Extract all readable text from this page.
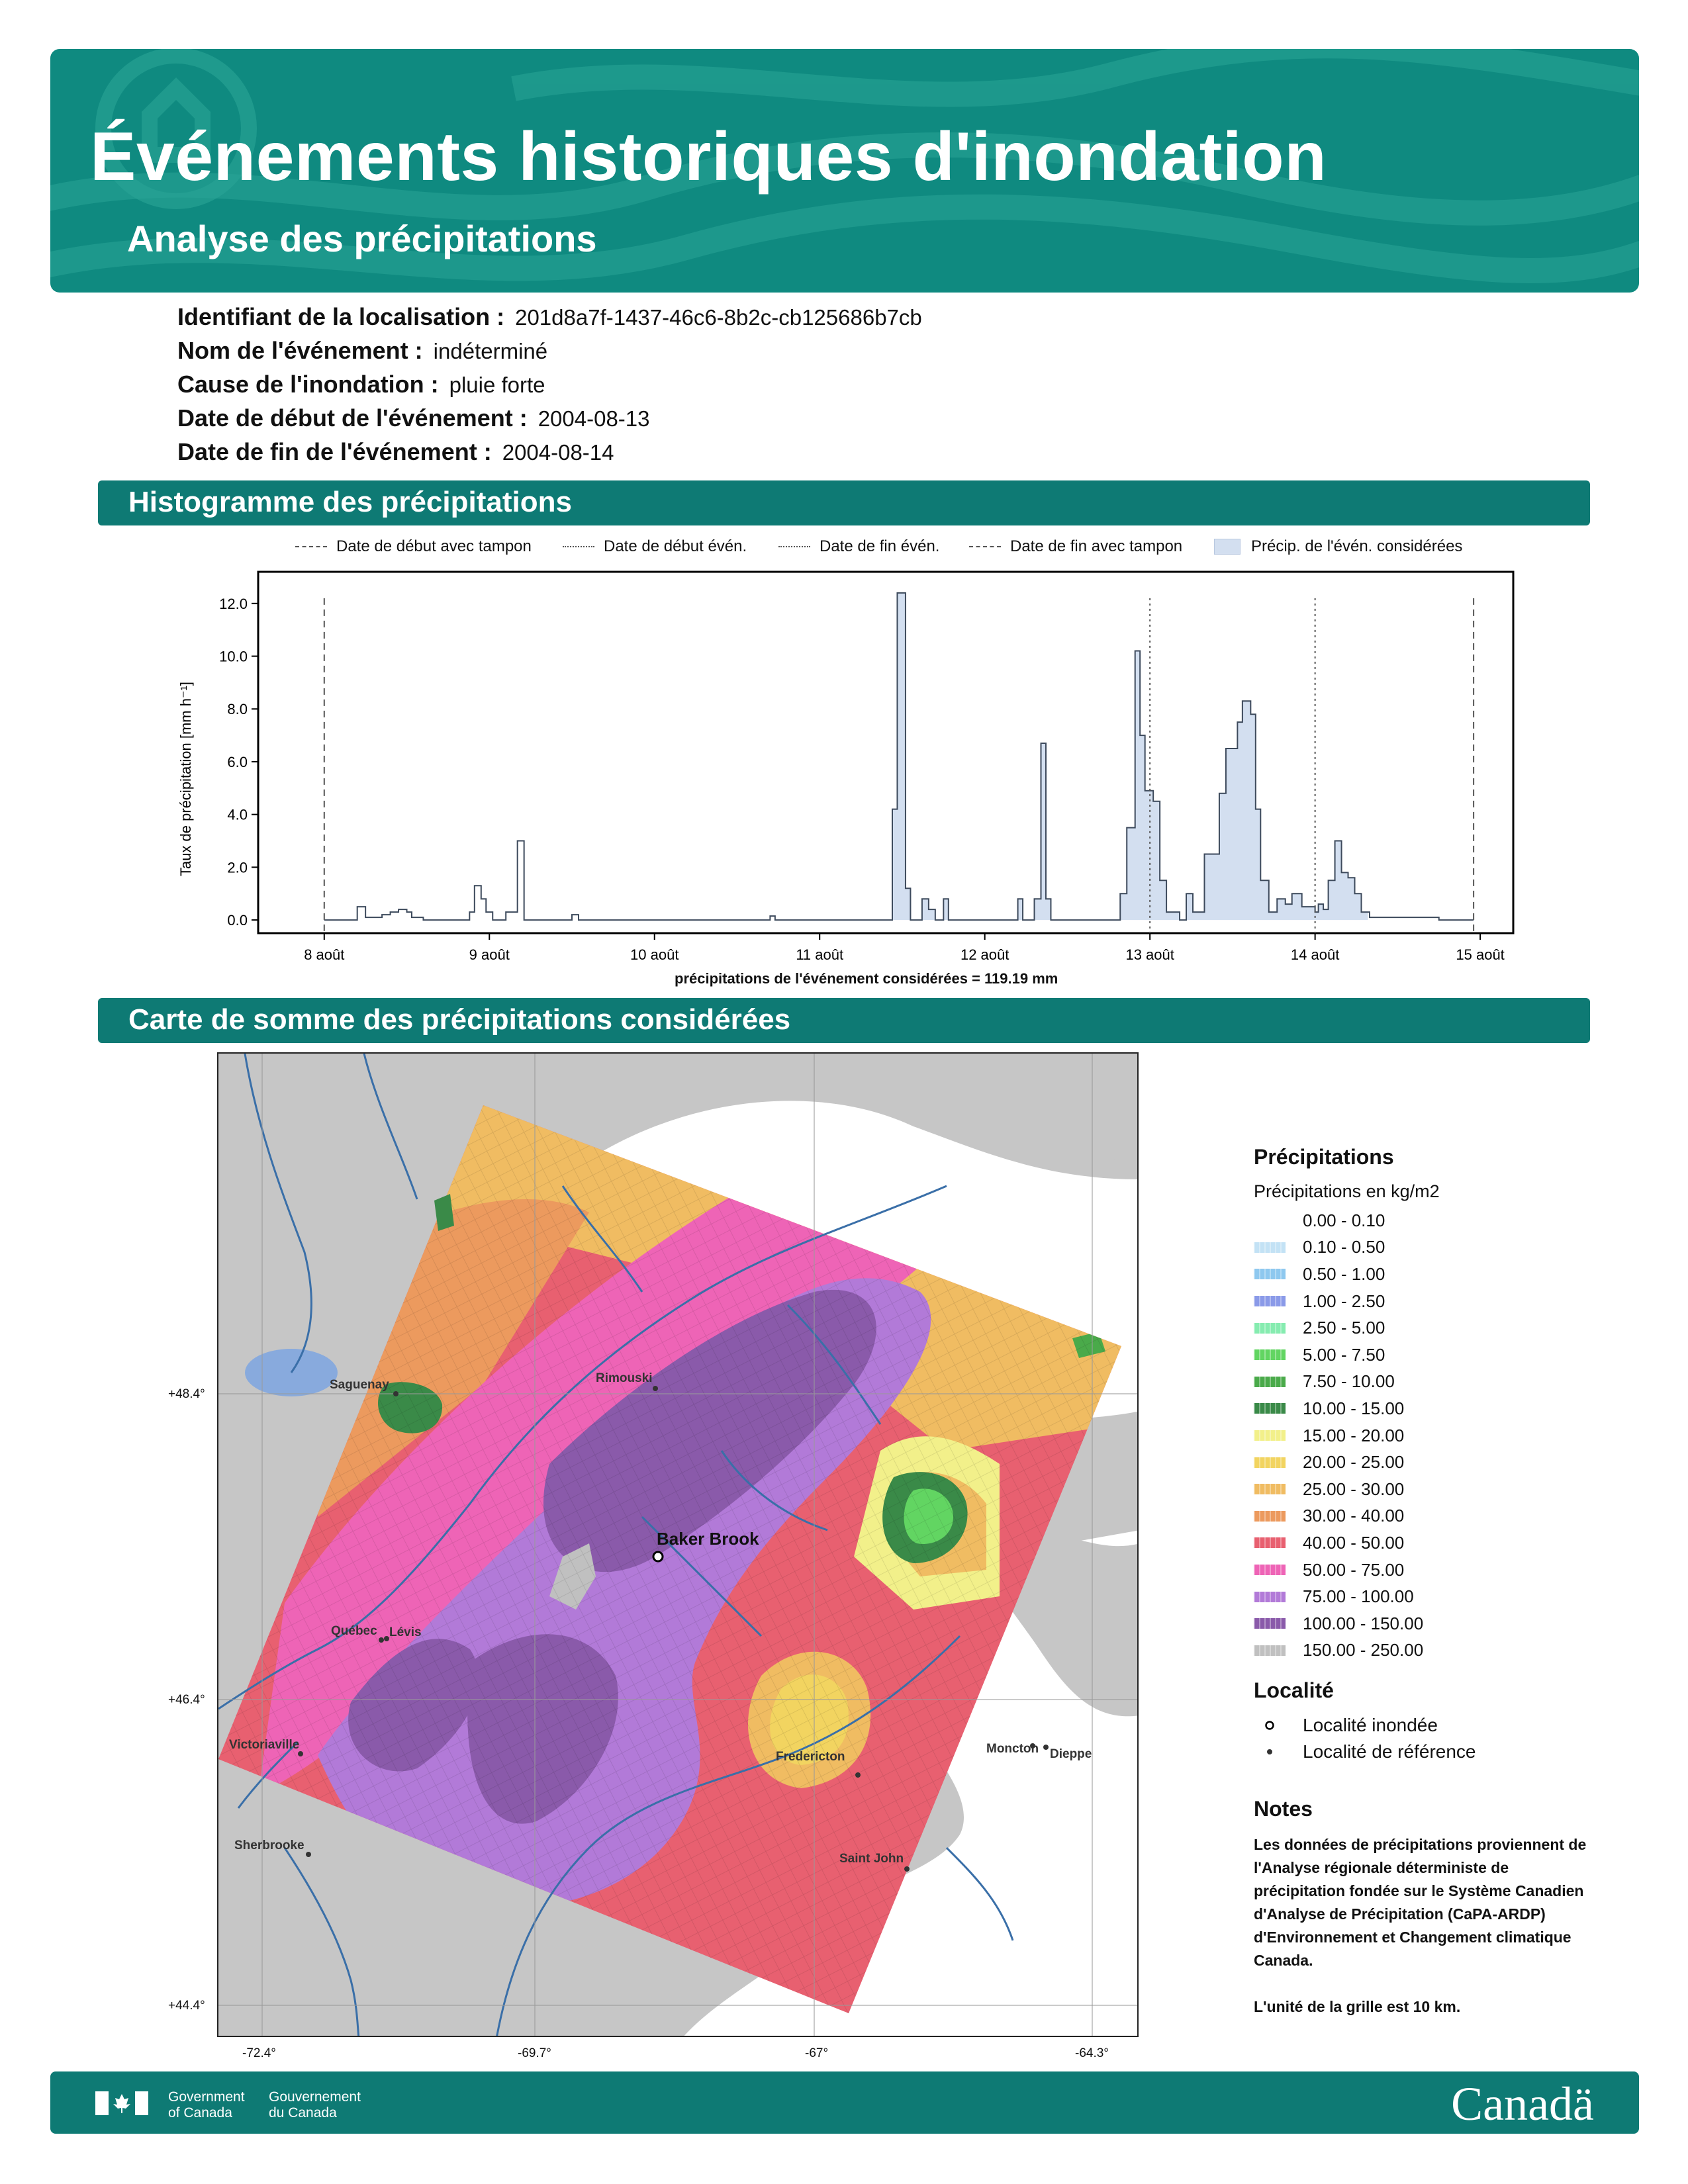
Événements historiques d'inondation
Analyse des précipitations
Identifiant de la localisation : 201d8a7f-1437-46c6-8b2c-cb125686b7cb
Nom de l'événement : indéterminé
Cause de l'inondation : pluie forte
Date de début de l'événement : 2004-08-13
Date de fin de l'événement : 2004-08-14
Histogramme des précipitations
Date de début avec tampon	Date de début évén.	Date de fin évén.	Date de fin avec tampon	Précip. de l'évén. considérées
0.0
2.0
4.0
6.0
8.0
10.0
12.0
8 août	9 août	10 août	11 août	12 août	13 août	14 août	15 août
Taux de précipitation [mm h⁻¹]
précipitations de l'événement considérées = 119.19 mm
Carte de somme des précipitations considérées
Saguenay	Rimouski
Québec Lévis
Victoriaville
Sherbrooke
Fredericton
Moncton Dieppe
Saint John
Baker Brook
+48.4°
+46.4°
+44.4°
-72.4°	-69.7°	-67°	-64.3°
Précipitations
Précipitations en kg/m2
0.00 - 0.10
0.10 - 0.50
0.50 - 1.00
1.00 - 2.50
2.50 - 5.00
5.00 - 7.50
7.50 - 10.00
10.00 - 15.00
15.00 - 20.00
20.00 - 25.00
25.00 - 30.00
30.00 - 40.00
40.00 - 50.00
50.00 - 75.00
75.00 - 100.00
100.00 - 150.00
150.00 - 250.00
Localité
Localité inondée
Localité de référence
Notes
Les données de précipitations proviennent de l'Analyse régionale déterministe de précipitation fondée sur le Système Canadien d'Analyse de Précipitation (CaPA-ARDP) d'Environnement et Changement climatique Canada.

L'unité de la grille est 10 km.
Government
of Canada
Gouvernement
du Canada	Canadä
